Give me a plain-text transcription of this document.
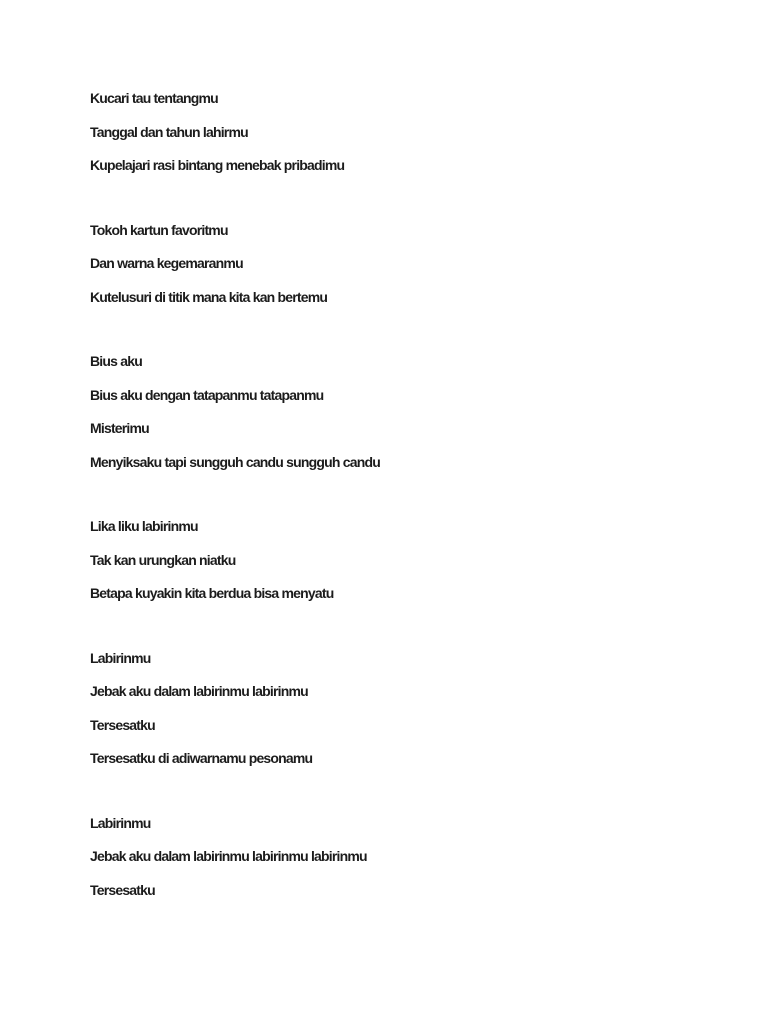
Kucari tau tentangmu

Tanggal dan tahun lahirmu

Kupelajari rasi bintang menebak pribadimu

Tokoh kartun favoritmu

Dan warna kegemaranmu

Kutelusuri di titik mana kita kan bertemu

Bius aku

Bius aku dengan tatapanmu tatapanmu

Misterimu

Menyiksaku tapi sungguh candu sungguh candu

Lika liku labirinmu

Tak kan urungkan niatku

Betapa kuyakin kita berdua bisa menyatu

Labirinmu

Jebak aku dalam labirinmu labirinmu

Tersesatku

Tersesatku di adiwarnamu pesonamu

Labirinmu

Jebak aku dalam labirinmu labirinmu labirinmu

Tersesatku
